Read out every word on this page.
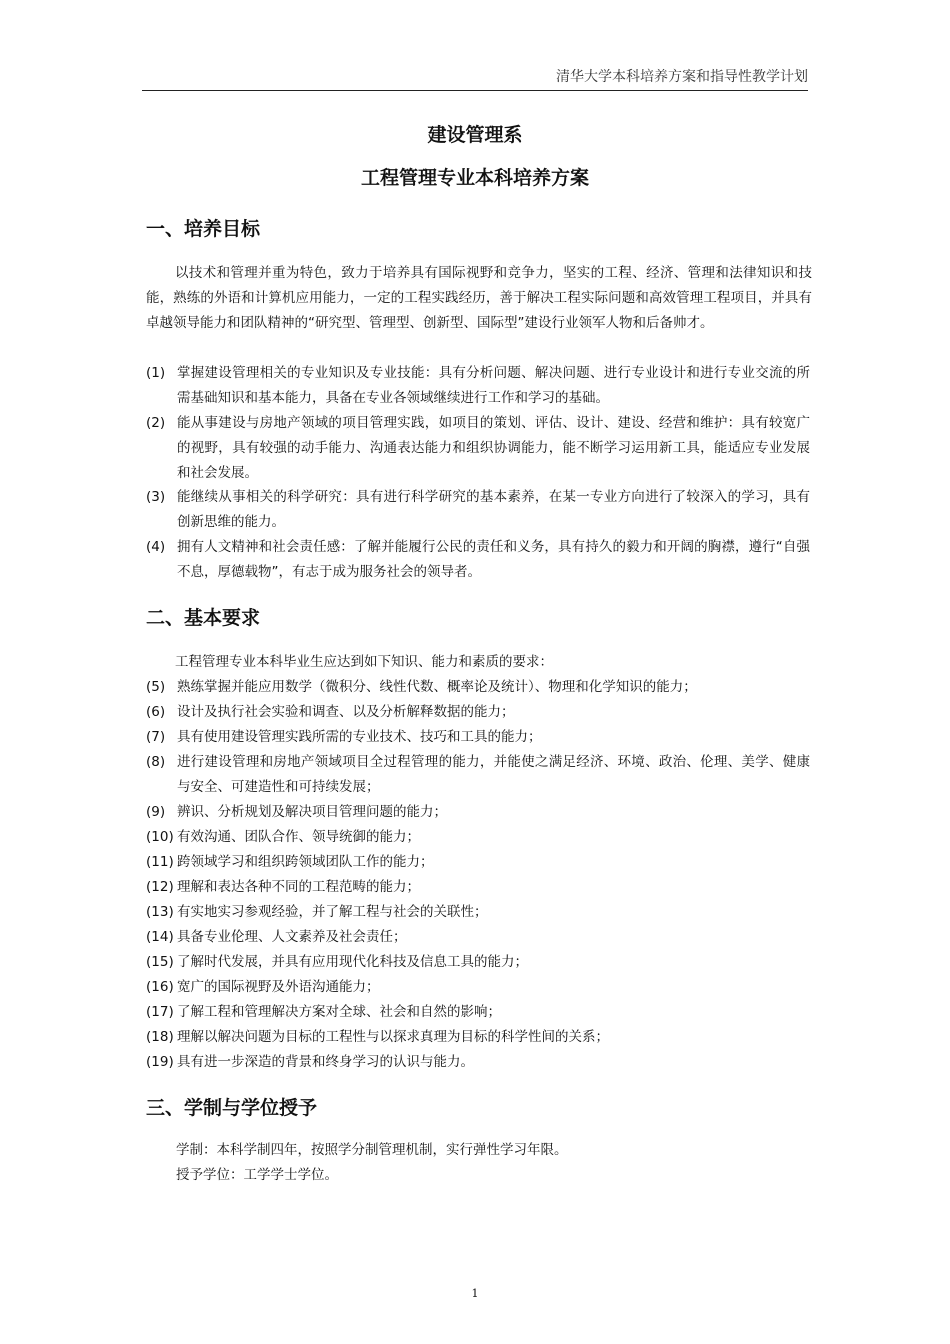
清华大学本科培养方案和指导性教学计划
建设管理系
工程管理专业本科培养方案
一、培养目标
以技术和管理并重为特色，致力于培养具有国际视野和竞争力，坚实的工程、经济、管理和法律知识和技能，熟练的外语和计算机应用能力，一定的工程实践经历，善于解决工程实际问题和高效管理工程项目，并具有卓越领导能力和团队精神的“研究型、管理型、创新型、国际型”建设行业领军人物和后备帅才。
(1) 掌握建设管理相关的专业知识及专业技能：具有分析问题、解决问题、进行专业设计和进行专业交流的所需基础知识和基本能力，具备在专业各领域继续进行工作和学习的基础。
(2) 能从事建设与房地产领域的项目管理实践，如项目的策划、评估、设计、建设、经营和维护：具有较宽广的视野，具有较强的动手能力、沟通表达能力和组织协调能力，能不断学习运用新工具，能适应专业发展和社会发展。
(3) 能继续从事相关的科学研究：具有进行科学研究的基本素养，在某一专业方向进行了较深入的学习，具有创新思维的能力。
(4) 拥有人文精神和社会责任感：了解并能履行公民的责任和义务，具有持久的毅力和开阔的胸襟，遵行“自强不息，厚德载物”，有志于成为服务社会的领导者。
二、基本要求
工程管理专业本科毕业生应达到如下知识、能力和素质的要求：
(5) 熟练掌握并能应用数学（微积分、线性代数、概率论及统计）、物理和化学知识的能力；
(6) 设计及执行社会实验和调查、以及分析解释数据的能力；
(7) 具有使用建设管理实践所需的专业技术、技巧和工具的能力；
(8) 进行建设管理和房地产领域项目全过程管理的能力，并能使之满足经济、环境、政治、伦理、美学、健康与安全、可建造性和可持续发展；
(9) 辨识、分析规划及解决项目管理问题的能力；
(10) 有效沟通、团队合作、领导统御的能力；
(11) 跨领域学习和组织跨领域团队工作的能力；
(12) 理解和表达各种不同的工程范畴的能力；
(13) 有实地实习参观经验，并了解工程与社会的关联性；
(14) 具备专业伦理、人文素养及社会责任；
(15) 了解时代发展，并具有应用现代化科技及信息工具的能力；
(16) 宽广的国际视野及外语沟通能力；
(17) 了解工程和管理解决方案对全球、社会和自然的影响；
(18) 理解以解决问题为目标的工程性与以探求真理为目标的科学性间的关系；
(19) 具有进一步深造的背景和终身学习的认识与能力。
三、学制与学位授予
学制：本科学制四年，按照学分制管理机制，实行弹性学习年限。
授予学位：工学学士学位。
1
